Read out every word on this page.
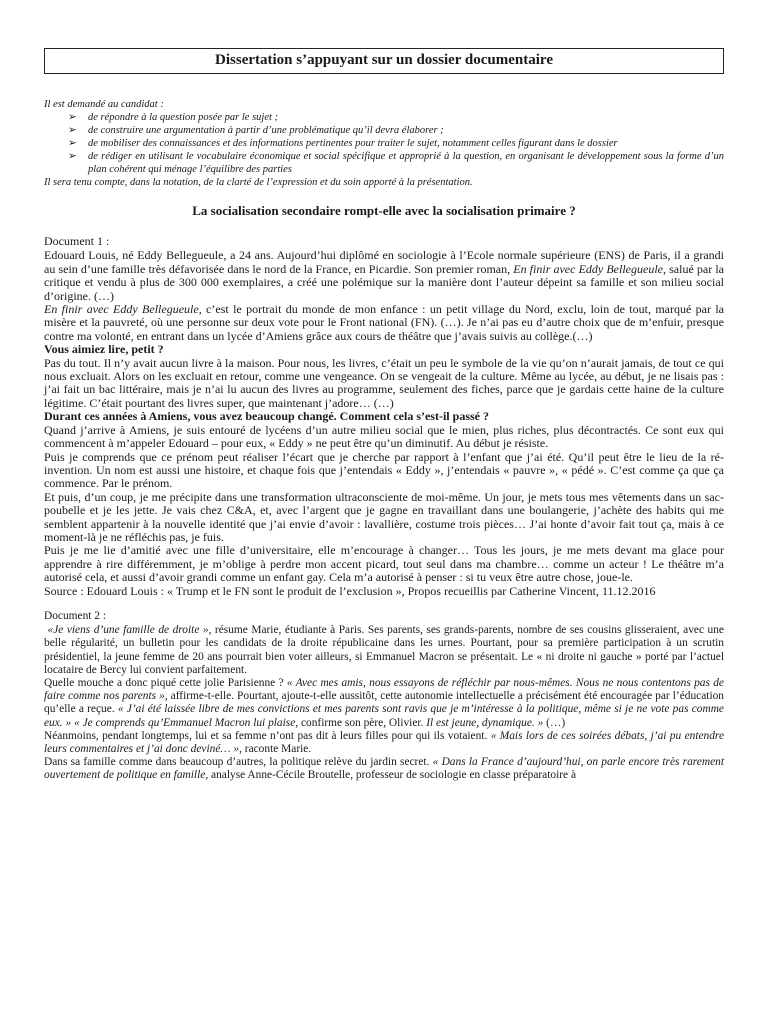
Dissertation s’appuyant sur un dossier documentaire
Il est demandé au candidat :
➢ de répondre à la question posée par le sujet ;
➢ de construire une argumentation à partir d’une problématique qu’il devra élaborer ;
➢ de mobiliser des connaissances et des informations pertinentes pour traiter le sujet, notamment celles figurant dans le dossier
➢ de rédiger en utilisant le vocabulaire économique et social spécifique et approprié à la question, en organisant le développement sous la forme d’un plan cohérent qui ménage l’équilibre des parties
Il sera tenu compte, dans la notation, de la clarté de l’expression et du soin apporté à la présentation.
La socialisation secondaire rompt-elle avec la socialisation primaire ?

Document 1 :

Edouard Louis, né Eddy Bellegueule, a 24 ans. Aujourd’hui diplômé en sociologie à l’Ecole normale supérieure (ENS) de Paris, il a grandi au sein d’une famille très défavorisée dans le nord de la France, en Picardie. Son premier roman, En finir avec Eddy Bellegueule, salué par la critique et vendu à plus de 300 000 exemplaires, a créé une polémique sur la manière dont l’auteur dépeint sa famille et son milieu social d’origine. (…)

En finir avec Eddy Bellegueule, c’est le portrait du monde de mon enfance : un petit village du Nord, exclu, loin de tout, marqué par la misère et la pauvreté, où une personne sur deux vote pour le Front national (FN). (…). Je n’ai pas eu d’autre choix que de m’enfuir, presque contre ma volonté, en entrant dans un lycée d’Amiens grâce aux cours de théâtre que j’avais suivis au collège.(…)

Vous aimiez lire, petit ?

Pas du tout. Il n’y avait aucun livre à la maison. Pour nous, les livres, c’était un peu le symbole de la vie qu’on n’aurait jamais, de tout ce qui nous excluait. Alors on les excluait en retour, comme une vengeance. On se vengeait de la culture. Même au lycée, au début, je ne lisais pas : j’ai fait un bac littéraire, mais je n’ai lu aucun des livres au programme, seulement des fiches, parce que je gardais cette haine de la culture légitime. C’était pourtant des livres super, que maintenant j’adore… (…)

Durant ces années à Amiens, vous avez beaucoup changé. Comment cela s’est-il passé ?

Quand j’arrive à Amiens, je suis entouré de lycéens d’un autre milieu social que le mien, plus riches, plus décontractés. Ce sont eux qui commencent à m’appeler Edouard – pour eux, « Eddy » ne peut être qu’un diminutif. Au début je résiste.

Puis je comprends que ce prénom peut réaliser l’écart que je cherche par rapport à l’enfant que j’ai été. Qu’il peut être le lieu de la ré-invention. Un nom est aussi une histoire, et chaque fois que j’entendais « Eddy », j’entendais « pauvre », « pédé ». C’est comme ça que ça commence. Par le prénom.

Et puis, d’un coup, je me précipite dans une transformation ultraconsciente de moi-même. Un jour, je mets tous mes vêtements dans un sac-poubelle et je les jette. Je vais chez C&A, et, avec l’argent que je gagne en travaillant dans une boulangerie, j’achète des habits qui me semblent appartenir à la nouvelle identité que j’ai envie d’avoir : lavallière, costume trois pièces… J’ai honte d’avoir fait tout ça, mais à ce moment-là je ne réfléchis pas, je fuis.

Puis je me lie d’amitié avec une fille d’universitaire, elle m’encourage à changer… Tous les jours, je me mets devant ma glace pour apprendre à rire différemment, je m’oblige à perdre mon accent picard, tout seul dans ma chambre… comme un acteur ! Le théâtre m’a autorisé cela, et aussi d’avoir grandi comme un enfant gay. Cela m’a autorisé à penser : si tu veux être autre chose, joue-le.

Source : Edouard Louis : « Trump et le FN sont le produit de l’exclusion », Propos recueillis par Catherine Vincent, 11.12.2016

Document 2 :

«Je viens d’une famille de droite », résume Marie, étudiante à Paris. Ses parents, ses grands-parents, nombre de ses cousins glisseraient, avec une belle régularité, un bulletin pour les candidats de la droite républicaine dans les urnes. Pourtant, pour sa première participation à un scrutin présidentiel, la jeune femme de 20 ans pourrait bien voter ailleurs, si Emmanuel Macron se présentait. Le « ni droite ni gauche » porté par l’actuel locataire de Bercy lui convient parfaitement.

Quelle mouche a donc piqué cette jolie Parisienne ? « Avec mes amis, nous essayons de réfléchir par nous-mêmes. Nous ne nous contentons pas de faire comme nos parents », affirme-t-elle. Pourtant, ajoute-t-elle aussitôt, cette autonomie intellectuelle a précisément été encouragée par l’éducation qu’elle a reçue. « J’ai été laissée libre de mes convictions et mes parents sont ravis que je m’intéresse à la politique, même si je ne vote pas comme eux. » « Je comprends qu’Emmanuel Macron lui plaise, confirme son père, Olivier. Il est jeune, dynamique. » (…)

Néanmoins, pendant longtemps, lui et sa femme n’ont pas dit à leurs filles pour qui ils votaient. « Mais lors de ces soirées débats, j’ai pu entendre leurs commentaires et j’ai donc deviné… », raconte Marie.

Dans sa famille comme dans beaucoup d’autres, la politique relève du jardin secret. « Dans la France d’aujourd’hui, on parle encore très rarement ouvertement de politique en famille, analyse Anne-Cécile Broutelle, professeur de sociologie en classe préparatoire à
